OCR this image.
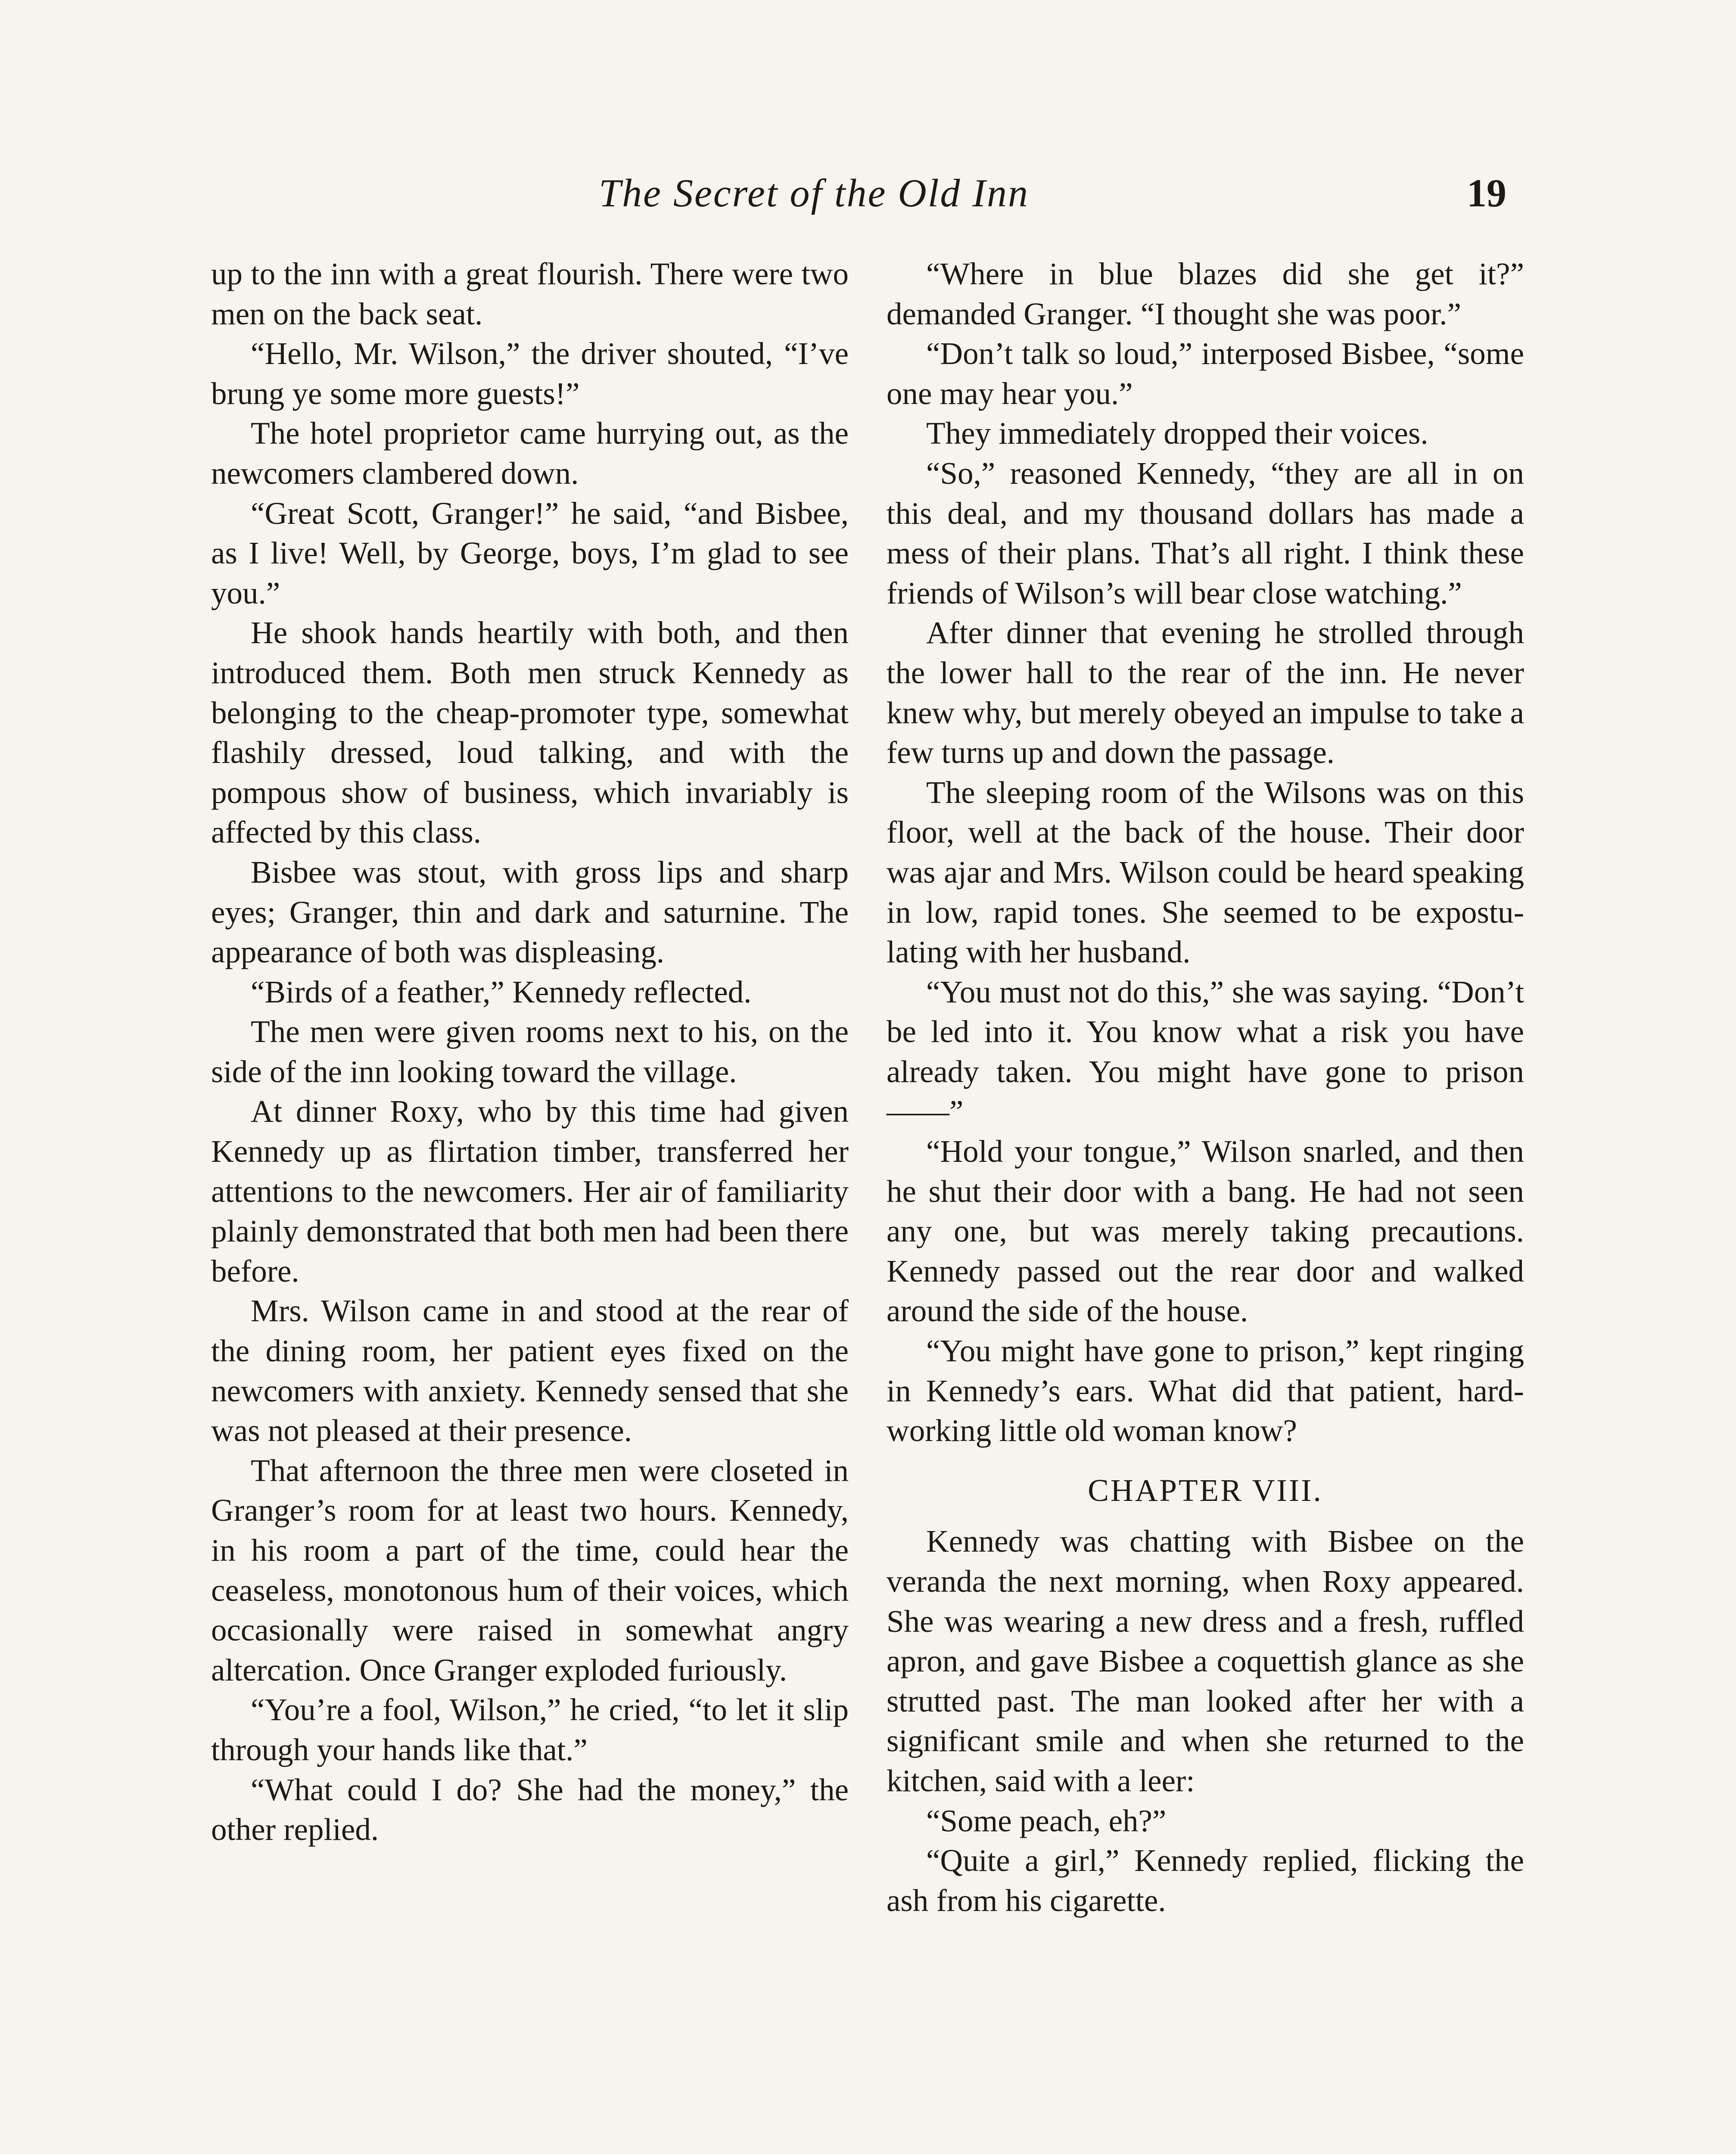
The Secret of the Old Inn	19

up to the inn with a great flourish. There were two men on the back seat.

“Hello, Mr. Wilson,” the driver shouted, “I’ve brung ye some more guests!”

The hotel proprietor came hurrying out, as the newcomers clambered down.

“Great Scott, Granger!” he said, “and Bisbee, as I live! Well, by George, boys, I’m glad to see you.”

He shook hands heartily with both, and then introduced them. Both men struck Kennedy as belonging to the cheap-promoter type, somewhat flashily dressed, loud talking, and with the pompous show of business, which invariably is affected by this class.

Bisbee was stout, with gross lips and sharp eyes; Granger, thin and dark and saturnine. The appearance of both was displeasing.

“Birds of a feather,” Kennedy reflected.

The men were given rooms next to his, on the side of the inn looking toward the village.

At dinner Roxy, who by this time had given Kennedy up as flirtation timber, transferred her attentions to the newcomers. Her air of familiarity plainly demonstrated that both men had been there before.

Mrs. Wilson came in and stood at the rear of the dining room, her patient eyes fixed on the newcomers with anxiety. Kennedy sensed that she was not pleased at their presence.

That afternoon the three men were closeted in Granger’s room for at least two hours. Kennedy, in his room a part of the time, could hear the ceaseless, monotonous hum of their voices, which occasionally were raised in somewhat angry altercation. Once Granger exploded furiously.

“You’re a fool, Wilson,” he cried, “to let it slip through your hands like that.”

“What could I do? She had the money,” the other replied.

“Where in blue blazes did she get it?” demanded Granger. “I thought she was poor.”

“Don’t talk so loud,” interposed Bisbee, “some one may hear you.”

They immediately dropped their voices.

“So,” reasoned Kennedy, “they are all in on this deal, and my thousand dollars has made a mess of their plans. That’s all right. I think these friends of Wilson’s will bear close watching.”

After dinner that evening he strolled through the lower hall to the rear of the inn. He never knew why, but merely obeyed an impulse to take a few turns up and down the passage.

The sleeping room of the Wilsons was on this floor, well at the back of the house. Their door was ajar and Mrs. Wilson could be heard speaking in low, rapid tones. She seemed to be expostulating with her husband.

“You must not do this,” she was saying. “Don’t be led into it. You know what a risk you have already taken. You might have gone to prison——”

“Hold your tongue,” Wilson snarled, and then he shut their door with a bang. He had not seen any one, but was merely taking precautions. Kennedy passed out the rear door and walked around the side of the house.

“You might have gone to prison,” kept ringing in Kennedy’s ears. What did that patient, hard-working little old woman know?

CHAPTER VIII.

Kennedy was chatting with Bisbee on the veranda the next morning, when Roxy appeared. She was wearing a new dress and a fresh, ruffled apron, and gave Bisbee a coquettish glance as she strutted past. The man looked after her with a significant smile and when she returned to the kitchen, said with a leer:

“Some peach, eh?”

“Quite a girl,” Kennedy replied, flicking the ash from his cigarette.
